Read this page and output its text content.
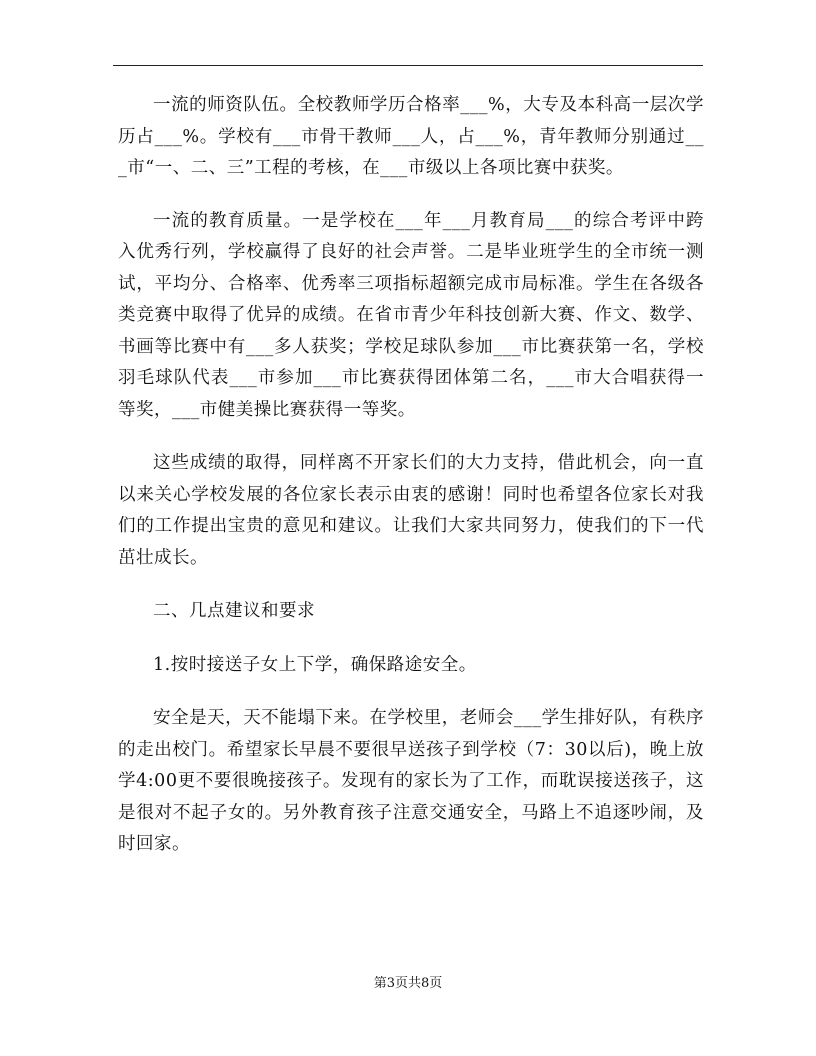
一流的师资队伍。全校教师学历合格率___%，大专及本科高一层次学历占___%。学校有___市骨干教师___人，占___%，青年教师分别通过___市“一、二、三”工程的考核，在___市级以上各项比赛中获奖。

一流的教育质量。一是学校在___年___月教育局___的综合考评中跨入优秀行列，学校赢得了良好的社会声誉。二是毕业班学生的全市统一测试，平均分、合格率、优秀率三项指标超额完成市局标准。学生在各级各类竞赛中取得了优异的成绩。在省市青少年科技创新大赛、作文、数学、书画等比赛中有___多人获奖；学校足球队参加___市比赛获第一名，学校羽毛球队代表___市参加___市比赛获得团体第二名，___市大合唱获得一等奖，___市健美操比赛获得一等奖。

这些成绩的取得，同样离不开家长们的大力支持，借此机会，向一直以来关心学校发展的各位家长表示由衷的感谢！同时也希望各位家长对我们的工作提出宝贵的意见和建议。让我们大家共同努力，使我们的下一代茁壮成长。

二、几点建议和要求

1.按时接送子女上下学，确保路途安全。

安全是天，天不能塌下来。在学校里，老师会___学生排好队，有秩序的走出校门。希望家长早晨不要很早送孩子到学校（7：30以后)，晚上放学4:00更不要很晚接孩子。发现有的家长为了工作，而耽误接送孩子，这是很对不起子女的。另外教育孩子注意交通安全，马路上不追逐吵闹，及时回家。

第3页共8页
